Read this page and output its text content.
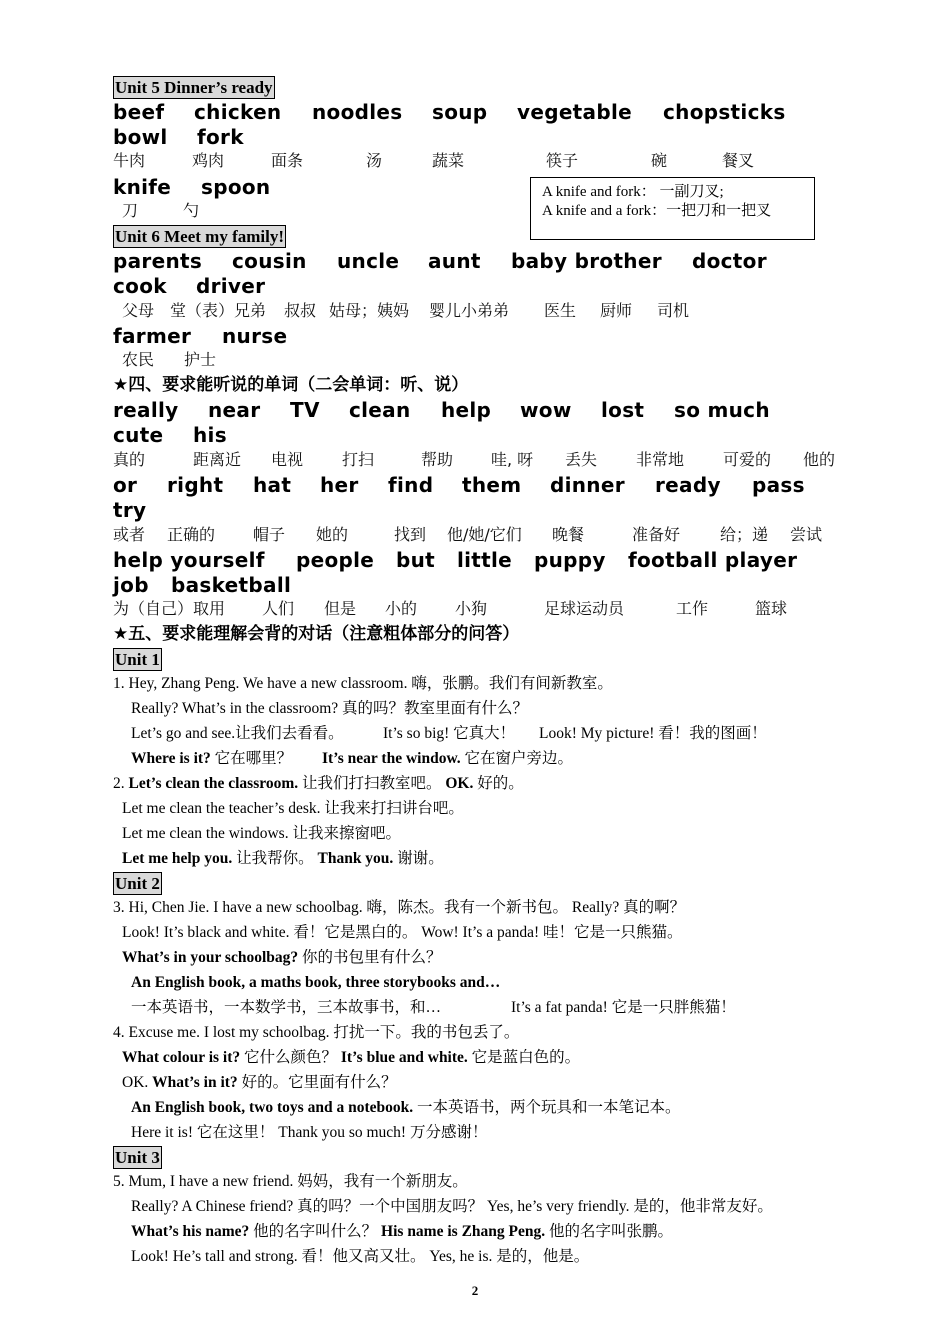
Unit 5 Dinner’s ready
beef chicken noodles soup vegetable chopsticks
bowl fork
牛肉	鸡肉	面条	汤	蔬菜	筷子	碗	餐叉
knife spoon
刀	勺
A knife and fork： 一副刀叉;
A knife and a fork：一把刀和一把叉
Unit 6 Meet my family!
parents cousin uncle aunt baby brother doctor
cook driver
父母 堂（表）兄弟 叔叔 姑母；姨妈 婴儿小弟弟 医生 厨师 司机
farmer nurse
农民 护士
★四、要求能听说的单词（二会单词：听、说）
really near TV clean help wow lost so much
cute his
真的	距离近 电视 打扫	帮助 哇, 呀 丢失 非常地 可爱的 他的
or right hat her find them dinner ready pass
try
或者 正确的 帽子 她的	找到 他/她/它们 晚餐	准备好 给；递 尝试
help yourself people but little puppy football player
job basketball
为（自己）取用 人们 但是 小的 小狗	足球运动员	工作	篮球
★五、要求能理解会背的对话（注意粗体部分的问答）
Unit 1
1. Hey, Zhang Peng. We have a new classroom. 嗨，张鹏。我们有间新教室。
Really? What’s in the classroom? 真的吗？教室里面有什么？
Let’s go and see.让我们去看看。	It’s so big! 它真大！ Look! My picture! 看！我的图画！
Where is it? 它在哪里？ It’s near the window. 它在窗户旁边。
2. Let’s clean the classroom. 让我们打扫教室吧。 OK. 好的。
Let me clean the teacher’s desk. 让我来打扫讲台吧。
Let me clean the windows. 让我来擦窗吧。
Let me help you. 让我帮你。 Thank you. 谢谢。
Unit 2
3. Hi, Chen Jie. I have a new schoolbag. 嗨，陈杰。我有一个新书包。 Really? 真的啊？
Look! It’s black and white. 看！它是黑白的。 Wow! It’s a panda! 哇！它是一只熊猫。
What’s in your schoolbag? 你的书包里有什么？
An English book, a maths book, three storybooks and…
一本英语书，一本数学书，三本故事书，和…	It’s a fat panda! 它是一只胖熊猫！
4. Excuse me. I lost my schoolbag. 打扰一下。我的书包丢了。
What colour is it? 它什么颜色？ It’s blue and white. 它是蓝白色的。
OK. What’s in it? 好的。它里面有什么？
An English book, two toys and a notebook. 一本英语书，两个玩具和一本笔记本。
Here it is! 它在这里！ Thank you so much! 万分感谢！
Unit 3
5. Mum, I have a new friend. 妈妈，我有一个新朋友。
Really? A Chinese friend? 真的吗？一个中国朋友吗？ Yes, he’s very friendly. 是的，他非常友好。
What’s his name? 他的名字叫什么？ His name is Zhang Peng. 他的名字叫张鹏。
Look! He’s tall and strong. 看！他又高又壮。 Yes, he is. 是的，他是。
2
